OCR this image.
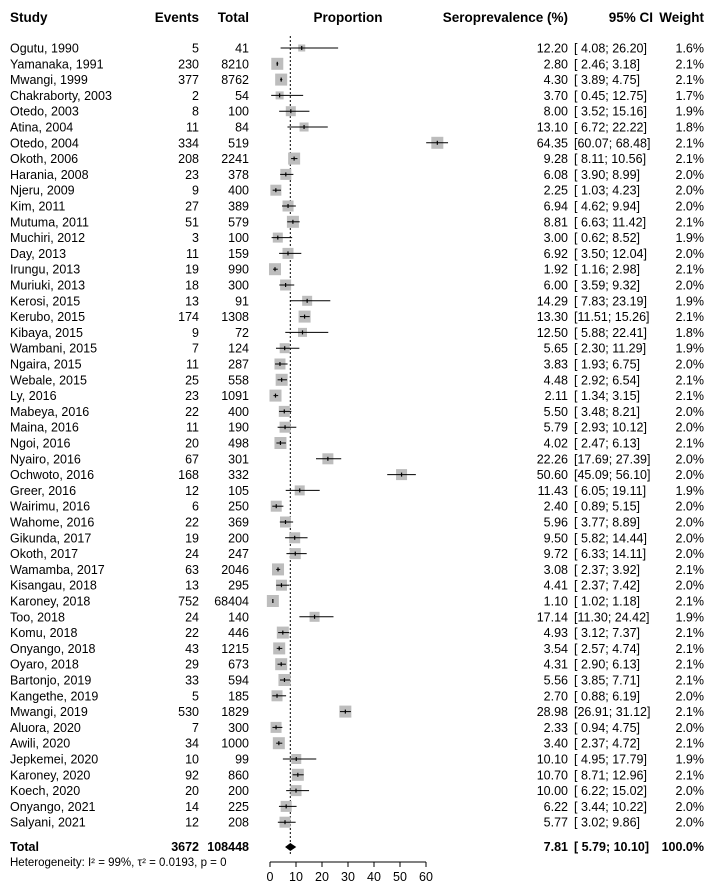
Study	Events Total	Proportion	Seroprevalence (%)	95% CI Weight
Ogutu, 1990	5	41	12.20 [ 4.08; 26.20] 1.6%
Yamanaka, 1991	230 8210	2.80 [ 2.46; 3.18]	2.1%
Mwangi, 1999	377 8762	4.30 [ 3.89; 4.75]	2.1%
Chakraborty, 2003	2	54	3.70 [ 0.45; 12.75] 1.7%
Otedo, 2003	8 100	8.00 [ 3.52; 15.16] 1.9%
Atina, 2004	11	84	13.10 [ 6.72; 22.22] 1.8%
Otedo, 2004	334 519	64.35 [60.07; 68.48] 2.1%
Okoth, 2006	208 2241	9.28 [ 8.11; 10.56] 2.1%
Harania, 2008	23 378	6.08 [ 3.90; 8.99]	2.0%
Njeru, 2009	9 400	2.25 [ 1.03; 4.23]	2.0%
Kim, 2011	27 389	6.94 [ 4.62; 9.94]	2.0%
Mutuma, 2011	51 579	8.81 [ 6.63; 11.42] 2.1%
Muchiri, 2012	3 100	3.00 [ 0.62; 8.52]	1.9%
Day, 2013	11 159	6.92 [ 3.50; 12.04] 2.0%
Irungu, 2013	19 990	1.92 [ 1.16; 2.98]	2.1%
Muriuki, 2013	18 300	6.00 [ 3.59; 9.32]	2.0%
Kerosi, 2015	13	91	14.29 [ 7.83; 23.19] 1.9%
Kerubo, 2015	174 1308	13.30 [11.51; 15.26] 2.1%
Kibaya, 2015	9	72	12.50 [ 5.88; 22.41] 1.8%
Wambani, 2015	7 124	5.65 [ 2.30; 11.29] 1.9%
Ngaira, 2015	11 287	3.83 [ 1.93; 6.75]	2.0%
Webale, 2015	25 558	4.48 [ 2.92; 6.54]	2.1%
Ly, 2016	23 1091	2.11 [ 1.34; 3.15]	2.1%
Mabeya, 2016	22 400	5.50 [ 3.48; 8.21]	2.0%
Maina, 2016	11 190	5.79 [ 2.93; 10.12] 2.0%
Ngoi, 2016	20 498	4.02 [ 2.47; 6.13]	2.1%
Nyairo, 2016	67 301	22.26 [17.69; 27.39] 2.0%
Ochwoto, 2016	168 332	50.60 [45.09; 56.10] 2.0%
Greer, 2016	12 105	11.43 [ 6.05; 19.11] 1.9%
Wairimu, 2016	6 250	2.40 [ 0.89; 5.15]	2.0%
Wahome, 2016	22 369	5.96 [ 3.77; 8.89]	2.0%
Gikunda, 2017	19 200	9.50 [ 5.82; 14.44] 2.0%
Okoth, 2017	24 247	9.72 [ 6.33; 14.11] 2.0%
Wamamba, 2017	63 2046	3.08 [ 2.37; 3.92]	2.1%
Kisangau, 2018	13 295	4.41 [ 2.37; 7.42]	2.0%
Karoney, 2018	752 68404	1.10 [ 1.02; 1.18]	2.1%
Too, 2018	24 140	17.14 [11.30; 24.42] 1.9%
Komu, 2018	22 446	4.93 [ 3.12; 7.37]	2.1%
Onyango, 2018	43 1215	3.54 [ 2.57; 4.74]	2.1%
Oyaro, 2018	29 673	4.31 [ 2.90; 6.13]	2.1%
Bartonjo, 2019	33 594	5.56 [ 3.85; 7.71]	2.1%
Kangethe, 2019	5 185	2.70 [ 0.88; 6.19]	2.0%
Mwangi, 2019	530 1829	28.98 [26.91; 31.12] 2.1%
Aluora, 2020	7 300	2.33 [ 0.94; 4.75]	2.0%
Awili, 2020	34 1000	3.40 [ 2.37; 4.72]	2.1%
Jepkemei, 2020	10	99	10.10 [ 4.95; 17.79] 1.9%
Karoney, 2020	92 860	10.70 [ 8.71; 12.96] 2.1%
Koech, 2020	20 200	10.00 [ 6.22; 15.02] 2.0%
Onyango, 2021	14 225	6.22 [ 3.44; 10.22] 2.0%
Salyani, 2021	12 208	5.77 [ 3.02; 9.86]	2.0%
Total	3672 108448	7.81 [ 5.79; 10.10] 100.0%
Heterogeneity: I² = 99%, τ² = 0.0193, p = 0
0 10 20 30 40 50 60
